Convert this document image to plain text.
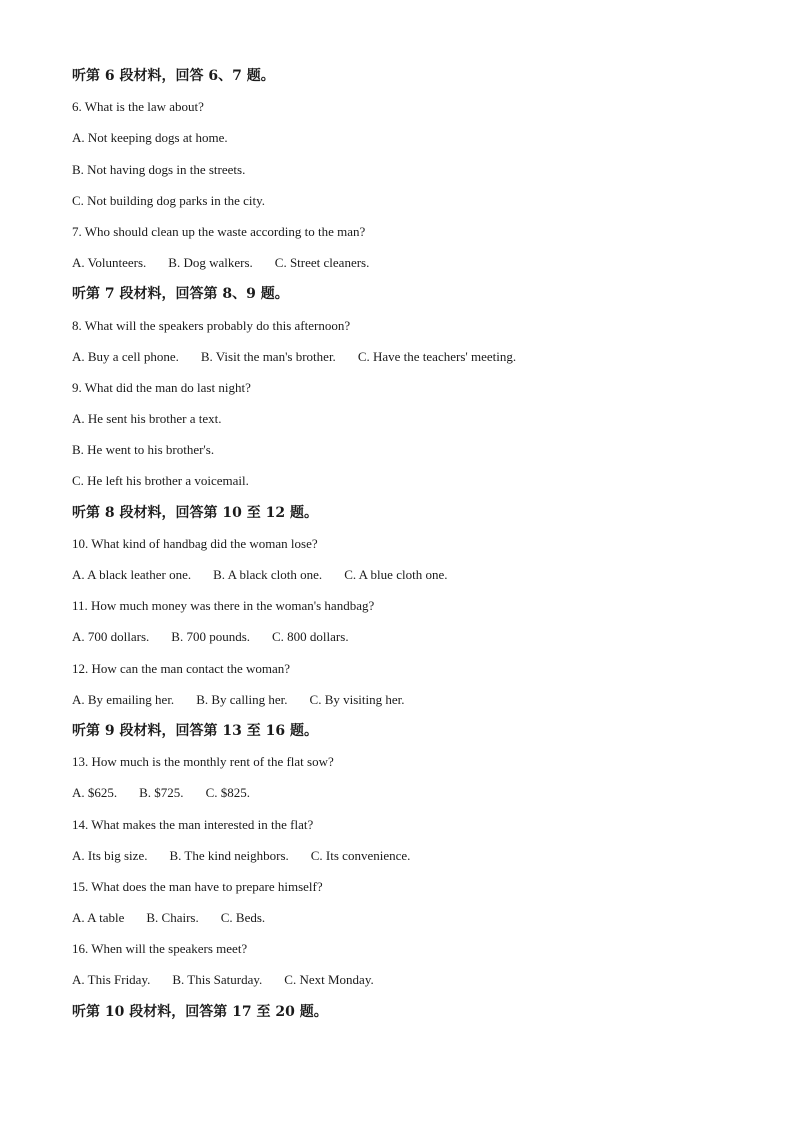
听第 6 段材料，回答 6、7 题。
6. What is the law about?
A. Not keeping dogs at home.
B. Not having dogs in the streets.
C. Not building dog parks in the city.
7. Who should clean up the waste according to the man?
A. Volunteers. B. Dog walkers. C. Street cleaners.
听第 7 段材料，回答第 8、9 题。
8. What will the speakers probably do this afternoon?
A. Buy a cell phone. B. Visit the man's brother. C. Have the teachers' meeting.
9. What did the man do last night?
A. He sent his brother a text.
B. He went to his brother's.
C. He left his brother a voicemail.
听第 8 段材料，回答第 10 至 12 题。
10. What kind of handbag did the woman lose?
A. A black leather one. B. A black cloth one. C. A blue cloth one.
11. How much money was there in the woman's handbag?
A. 700 dollars. B. 700 pounds. C. 800 dollars.
12. How can the man contact the woman?
A. By emailing her. B. By calling her. C. By visiting her.
听第 9 段材料，回答第 13 至 16 题。
13. How much is the monthly rent of the flat sow?
A. $625. B. $725. C. $825.
14. What makes the man interested in the flat?
A. Its big size. B. The kind neighbors. C. Its convenience.
15. What does the man have to prepare himself?
A. A table B. Chairs. C. Beds.
16. When will the speakers meet?
A. This Friday. B. This Saturday. C. Next Monday.
听第 10 段材料，回答第 17 至 20 题。
